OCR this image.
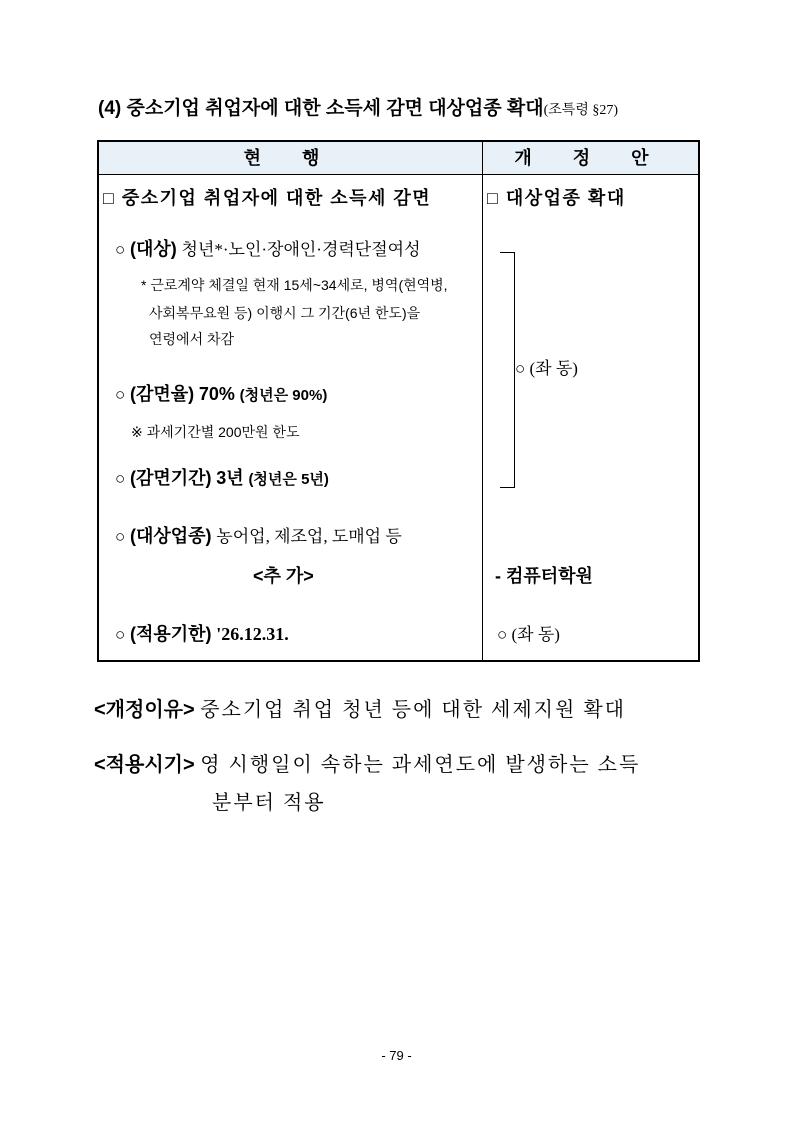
(4) 중소기업 취업자에 대한 소득세 감면 대상업종 확대(조특령 §27)
현 행	개 정 안
□ 중소기업 취업자에 대한 소득세 감면
○ (대상) 청년*·노인·장애인·경력단절여성
* 근로계약 체결일 현재 15세~34세로, 병역(현역병,
사회복무요원 등) 이행시 그 기간(6년 한도)을
연령에서 차감
○ (감면율) 70% (청년은 90%)
※ 과세기간별 200만원 한도
○ (감면기간) 3년 (청년은 5년)
○ (대상업종) 농어업, 제조업, 도매업 등
<추 가>
○ (적용기한) '26.12.31.
□ 대상업종 확대
○ (좌 동)
- 컴퓨터학원
○ (좌 동)
<개정이유> 중소기업 취업 청년 등에 대한 세제지원 확대
<적용시기> 영 시행일이 속하는 과세연도에 발생하는 소득
분부터 적용
- 79 -
